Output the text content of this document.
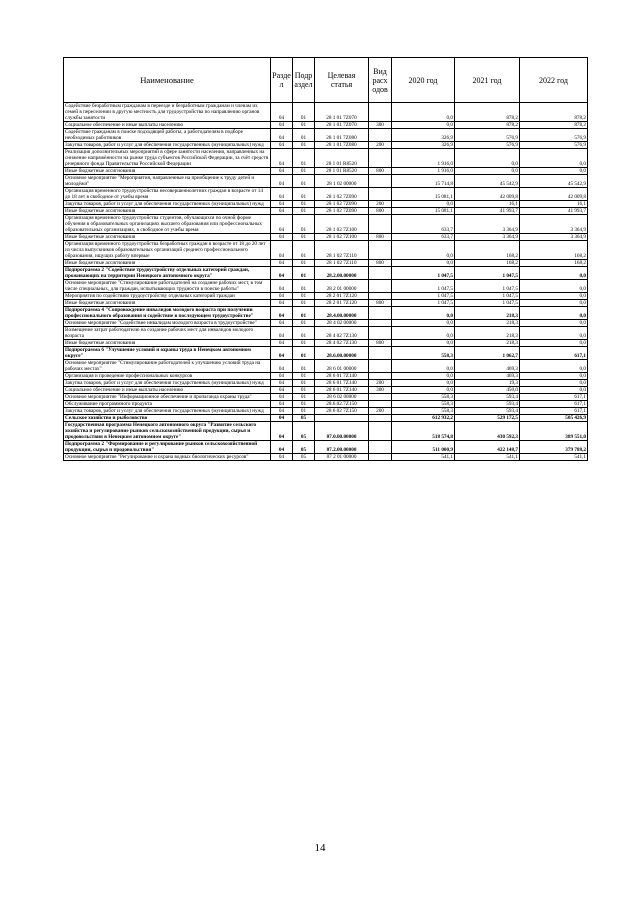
Наименование	Разде л	Подр аздел	Целевая статья	Вид расх одов	2020 год	2021 год	2022 год
Содействие безработным гражданам в переезде и безработным гражданам и членам их семей в переселении в другую местность для трудоустройства по направлению органов службы занятости	04	01	28 1 01 7Z070		0,0	878,2	878,2
Социальное обеспечение и иные выплаты населению	04	01	28 1 01 7Z070	300	0,0	878,2	878,2
Содействие гражданам в поиске подходящей работы, а работодателям в подборе необходимых работников	04	01	28 1 01 7Z080		326,9	576,9	576,9
Закупка товаров, работ и услуг для обеспечения государственных (муниципальных) нужд	04	01	28 1 01 7Z080	200	326,9	576,9	576,9
Реализация дополнительных мероприятий в сфере занятости населения, направленных на снижение напряжённости на рынке труда субъектов Российской Федерации, за счёт средств резервного фонда Правительства Российской Федерации	04	01	28 1 01 R8520		1 916,0	0,0	0,0
Иные бюджетные ассигнования	04	01	28 1 01 R8520	800	1 916,0	0,0	0,0
Основное мероприятие "Мероприятия, направленные на приобщение к труду детей и молодёжи"	04	01	28 1 02 00000		15 714,8	45 542,9	45 542,9
Организация временного трудоустройства несовершеннолетних граждан в возрасте от 14 до 18 лет в свободное от учебы время	04	01	28 1 02 7Z090		15 081,1	42 009,8	42 009,8
Закупка товаров, работ и услуг для обеспечения государственных (муниципальных) нужд	04	01	28 1 02 7Z090	200	0,0	16,1	16,1
Иные бюджетные ассигнования	04	01	28 1 02 7Z090	800	15 081,1	41 993,7	41 993,7
Организация временного трудоустройства студентов, обучающихся по очной форме обучения в образовательных организациях высшего образования или профессиональных образовательных организациях, в свободное от учебы время	04	01	28 1 02 7Z100		633,7	3 364,9	3 364,9
Иные бюджетные ассигнования	04	01	28 1 02 7Z100	800	633,7	3 364,9	3 364,9
Организация временного трудоустройства безработных граждан в возрасте от 18 до 20 лет из числа выпускников образовательных организаций среднего профессионального образования, ищущих работу впервые	04	01	28 1 02 7Z110		0,0	168,2	168,2
Иные бюджетные ассигнования	04	01	28 1 02 7Z110	800	0,0	168,2	168,2
Подпрограмма 2 "Содействие трудоустройству отдельных категорий граждан, проживающих на территории Ненецкого автономного округа"	04	01	28.2.00.00000		1 047,5	1 047,5	0,0
Основное мероприятие "Стимулирование работодателей на создание рабочих мест, в том числе специальных, для граждан, испытывающих трудности в поиске работы"	04	01	28 2 01 00000		1 047,5	1 047,5	0,0
Мероприятия по содействию трудоустройству отдельных категорий граждан	04	01	28 2 01 7Z120		1 047,5	1 047,5	0,0
Иные бюджетные ассигнования	04	01	28 2 01 7Z120	800	1 047,5	1 047,5	0,0
Подпрограмма 4 "Сопровождение инвалидов молодого возраста при получении профессионального образования и содействие в последующем трудоустройстве"	04	01	28.4.00.00000		0,0	218,3	0,0
Основное мероприятие "Содействие инвалидам молодого возраста в трудоустройстве"	04	01	28 4 02 00000		0,0	218,3	0,0
Возмещение затрат работодателю на создание рабочих мест для инвалидов молодого возраста	04	01	28 4 02 7Z130		0,0	218,3	0,0
Иные бюджетные ассигнования	04	01	28 4 02 7Z130	800	0,0	218,3	0,0
Подпрограмма 6 "Улучшение условий и охраны труда в Ненецком автономном округе"	04	01	28.6.00.00000		558,3	1 062,7	617,1
Основное мероприятие "Стимулирование работодателей к улучшению условий труда на рабочих местах"	04	01	28 6 01 00000		0,0	469,3	0,0
Организация и проведение профессиональных конкурсов	04	01	28 6 01 7Z140		0,0	469,3	0,0
Закупка товаров, работ и услуг для обеспечения государственных (муниципальных) нужд	04	01	28 6 01 7Z140	200	0,0	19,3	0,0
Социальное обеспечение и иные выплаты населению	04	01	28 6 01 7Z140	300	0,0	450,0	0,0
Основное мероприятие "Информационное обеспечение и пропаганда охраны труда"	04	01	28 6 02 00000		558,3	593,4	617,1
Обслуживание программного продукта	04	01	28.6.02.7Z150		558,3	593,4	617,1
Закупка товаров, работ и услуг для обеспечения государственных (муниципальных) нужд	04	01	28 6 02 7Z150	200	558,3	593,4	617,1
Сельское хозяйство и рыболовство	04	05			612 932,2	529 172,5	505 426,9
Государственная программа Ненецкого автономного округа "Развитие сельского хозяйства и регулирование рынков сельскохозяйственной продукции, сырья и продовольствия в Ненецком автономном округе"	04	05	07.0.00.00000		518 574,8	430 592,3	389 551,0
Подпрограмма 2 "Формирование и регулирование рынков сельскохозяйственной продукции, сырья и продовольствия"	04	05	07.2.00.00000		511 000,9	422 148,7	379 788,2
Основное мероприятие "Регулирование и охрана водных биологических ресурсов"	04	05	07 2 01 00000		541,1	541,1	541,1
14
